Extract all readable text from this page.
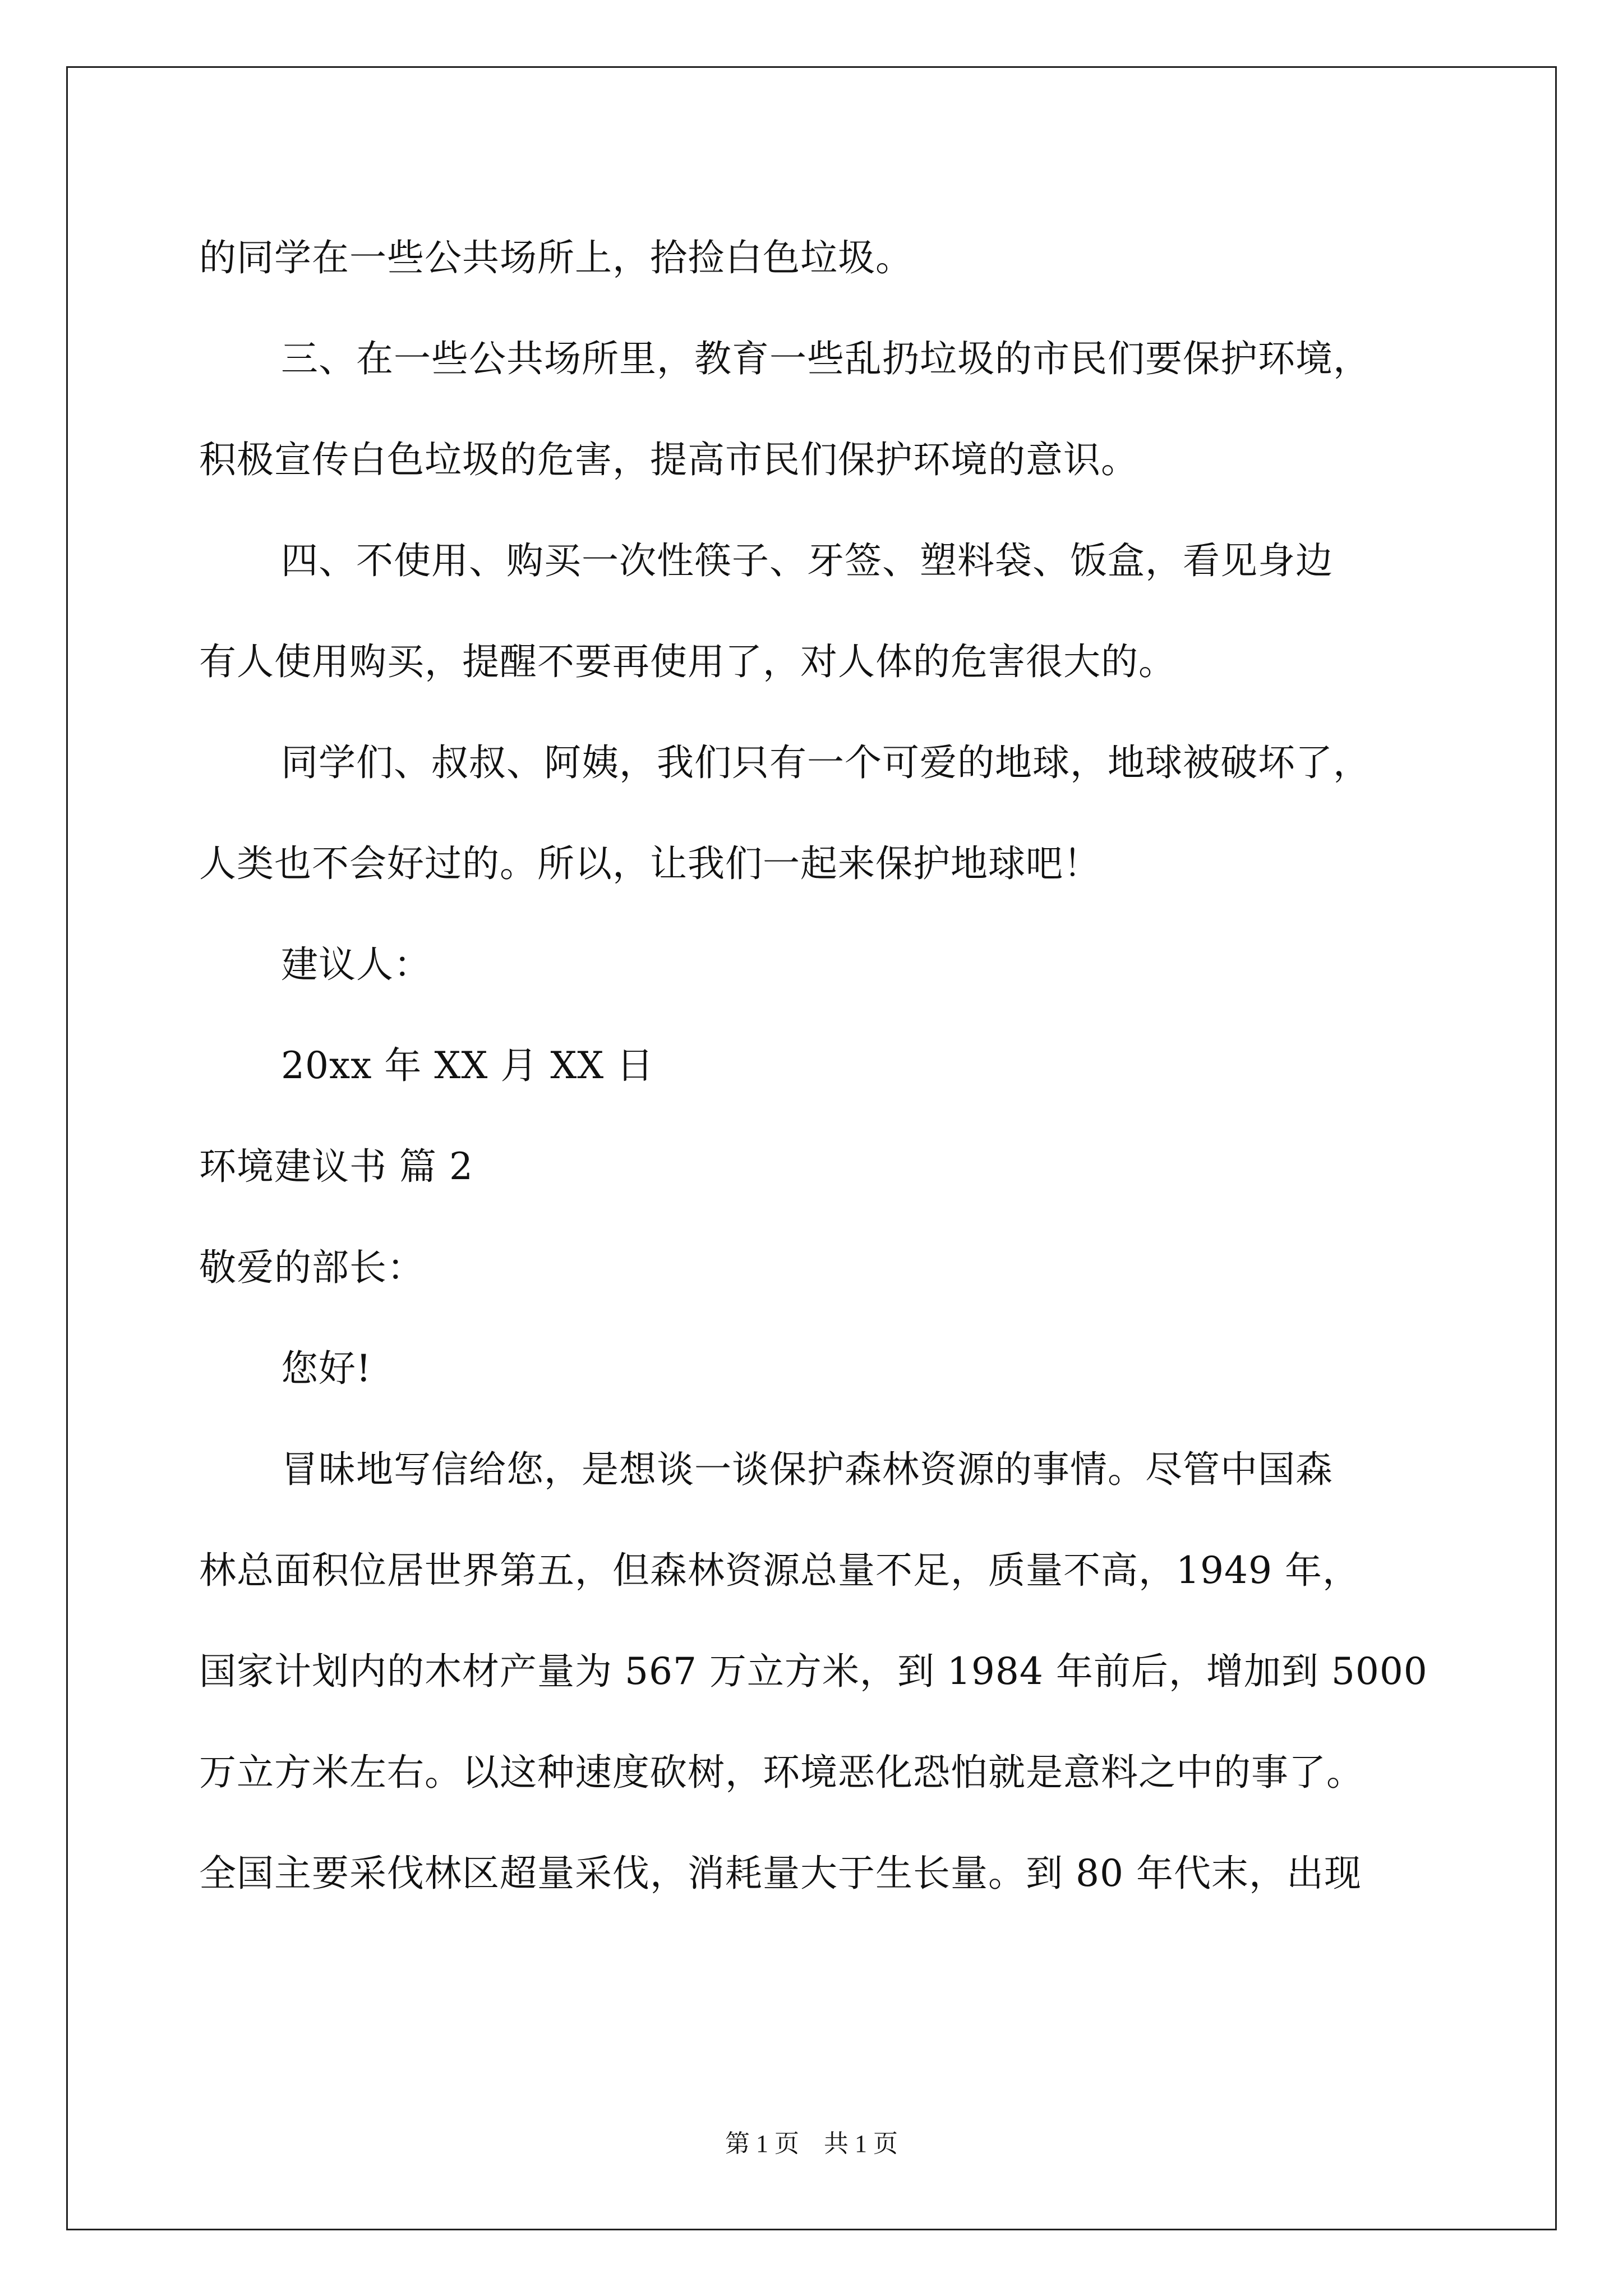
的同学在一些公共场所上，拾捡白色垃圾。
三、在一些公共场所里，教育一些乱扔垃圾的市民们要保护环境，
积极宣传白色垃圾的危害，提高市民们保护环境的意识。
四、不使用、购买一次性筷子、牙签、塑料袋、饭盒，看见身边
有人使用购买，提醒不要再使用了，对人体的危害很大的。
同学们、叔叔、阿姨，我们只有一个可爱的地球，地球被破坏了，
人类也不会好过的。所以，让我们一起来保护地球吧！
建议人：
20xx 年 XX 月 XX 日
环境建议书 篇 2
敬爱的部长：
您好!
冒昧地写信给您，是想谈一谈保护森林资源的事情。尽管中国森
林总面积位居世界第五，但森林资源总量不足，质量不高，1949 年，
国家计划内的木材产量为 567 万立方米，到 1984 年前后，增加到 5000
万立方米左右。以这种速度砍树，环境恶化恐怕就是意料之中的事了。
全国主要采伐林区超量采伐，消耗量大于生长量。到 80 年代末，出现
第 1 页    共 1 页
